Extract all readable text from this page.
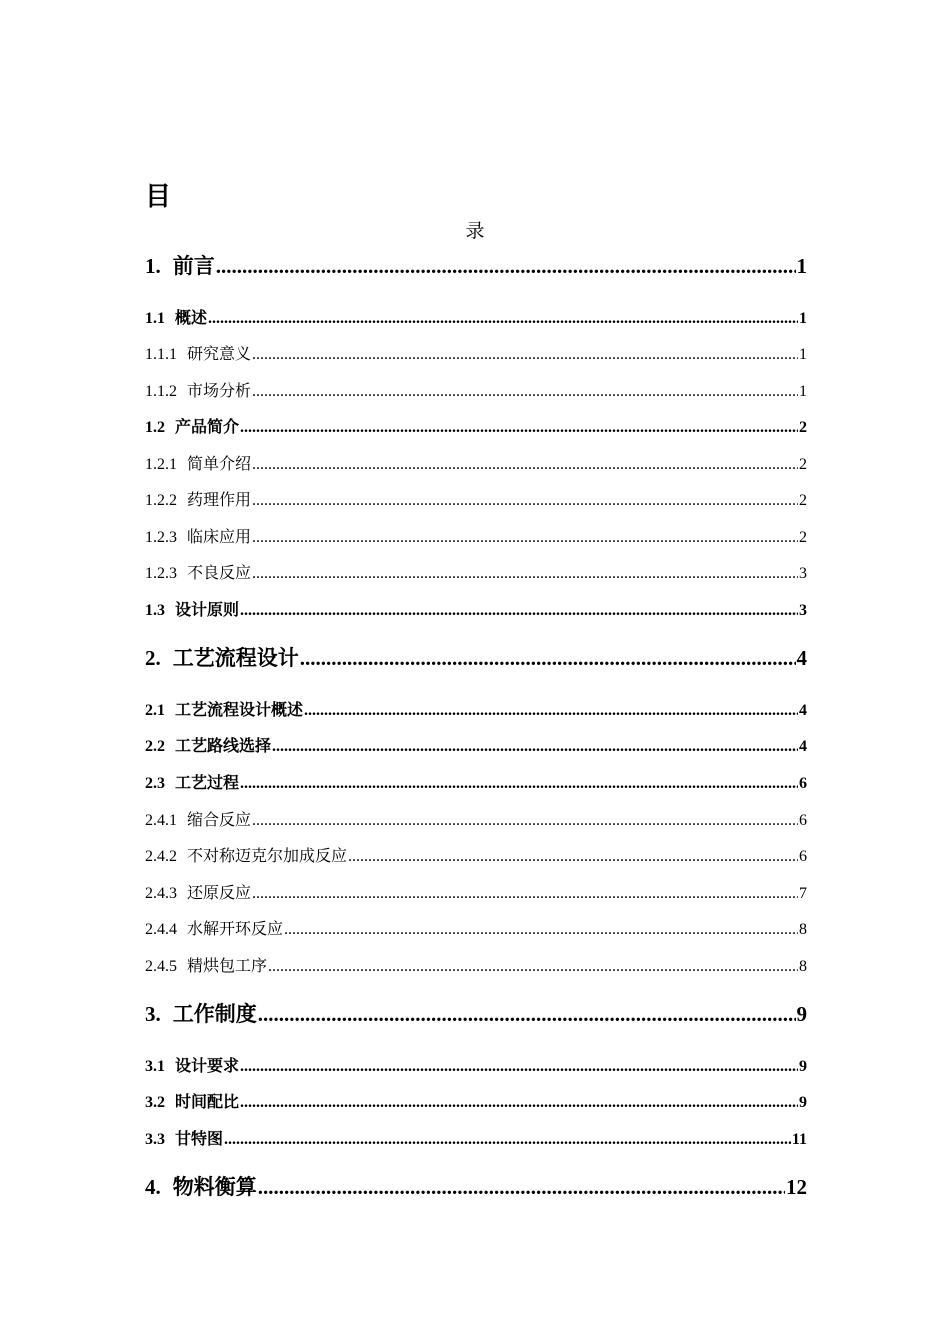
目
录
1. 前言 .....	1
1.1 概述 .....	1
1.1.1 研究意义 .....	1
1.1.2 市场分析 .....	1
1.2 产品简介 .....	2
1.2.1 简单介绍 .....	2
1.2.2 药理作用 .....	2
1.2.3 临床应用 .....	2
1.2.3 不良反应 .....	3
1.3 设计原则 .....	3
2. 工艺流程设计 .....	4
2.1 工艺流程设计概述 .....	4
2.2 工艺路线选择 .....	4
2.3 工艺过程 .....	6
2.4.1 缩合反应 .....	6
2.4.2 不对称迈克尔加成反应 .....	6
2.4.3 还原反应 .....	7
2.4.4 水解开环反应 .....	8
2.4.5 精烘包工序 .....	8
3. 工作制度 .....	9
3.1 设计要求 .....	9
3.2 时间配比 .....	9
3.3 甘特图 .....	11
4. 物料衡算 .....	12
